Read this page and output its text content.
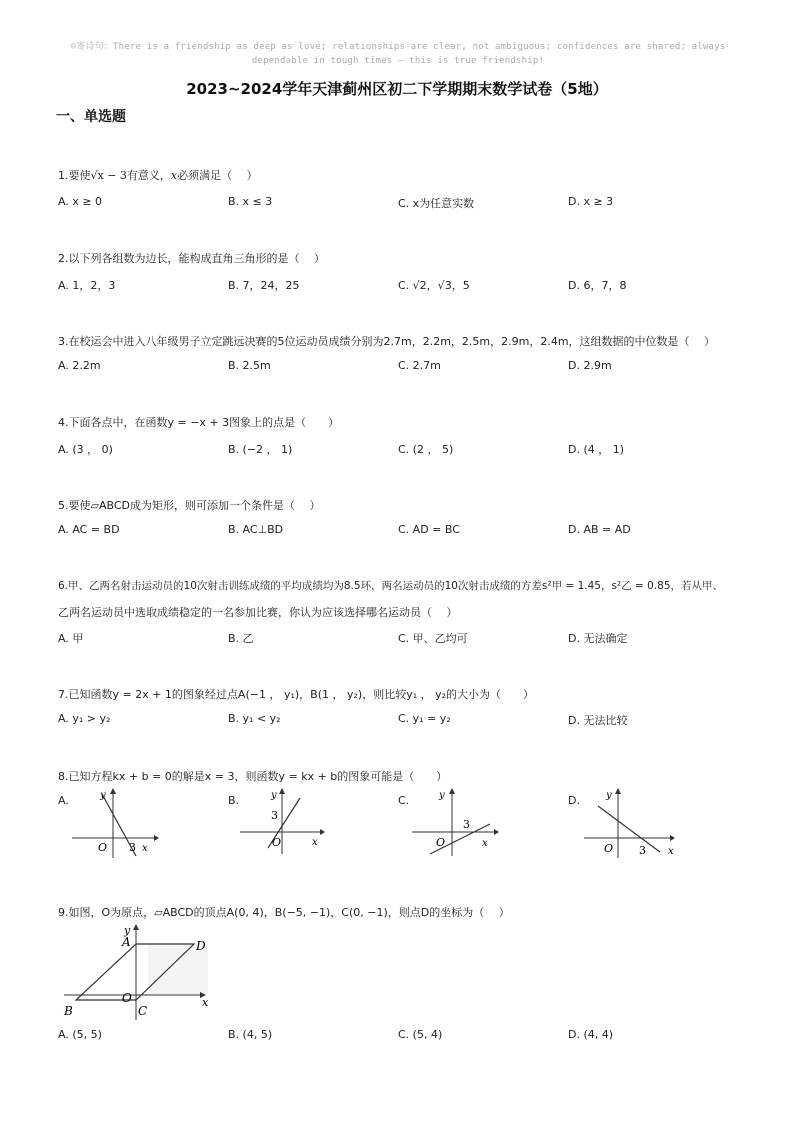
☺寄诗句：There is a friendship as deep as love; relationships are clear, not ambiguous; confidences are shared; always dependable in tough times — this is true friendship!
2023~2024学年天津蓟州区初二下学期期末数学试卷（5地）
一、单选题
1.要使√x − 3有意义，x必须满足（　 ）
A. x ≥ 0	B. x ≤ 3	C. x为任意实数	D. x ≥ 3
2.以下列各组数为边长，能构成直角三角形的是（　 ）
A. 1，2，3	B. 7，24，25	C. √2，√3，5	D. 6，7，8
3.在校运会中进入八年级男子立定跳远决赛的5位运动员成绩分别为2.7m，2.2m，2.5m，2.9m，2.4m，这组数据的中位数是（　 ）
A. 2.2m	B. 2.5m	C. 2.7m	D. 2.9m
4.下面各点中，在函数y = −x + 3图象上的点是（　　）
A. (3 ， 0)	B. (−2 ， 1)	C. (2 ， 5)	D. (4 ， 1)
5.要使▱ABCD成为矩形，则可添加一个条件是（　 ）
A. AC = BD	B. AC⊥BD	C. AD = BC	D. AB = AD
6.甲、乙两名射击运动员的10次射击训练成绩的平均成绩均为8.5环，两名运动员的10次射击成绩的方差s²甲 = 1.45，s²乙 = 0.85，若从甲、
乙两名运动员中选取成绩稳定的一名参加比赛，你认为应该选择哪名运动员（　 ）
A. 甲	B. 乙	C. 甲、乙均可	D. 无法确定
7.已知函数y = 2x + 1的图象经过点A(−1 ， y₁)，B(1 ， y₂)，则比较y₁ ， y₂的大小为（　　）
A. y₁ > y₂	B. y₁ < y₂	C. y₁ = y₂	D. 无法比较
8.已知方程kx + b = 0的解是x = 3，则函数y = kx + b的图象可能是（　　）
A.	B.	C.	D.
O 3 x
y
O
3
x
y
O
3
x
y
O 3 x
y
9.如图，O为原点，▱ABCD的顶点A(0, 4)，B(−5, −1)，C(0, −1)，则点D的坐标为（　 ）
A	D
B	C
O	x
y
A. (5, 5)	B. (4, 5)	C. (5, 4)	D. (4, 4)
